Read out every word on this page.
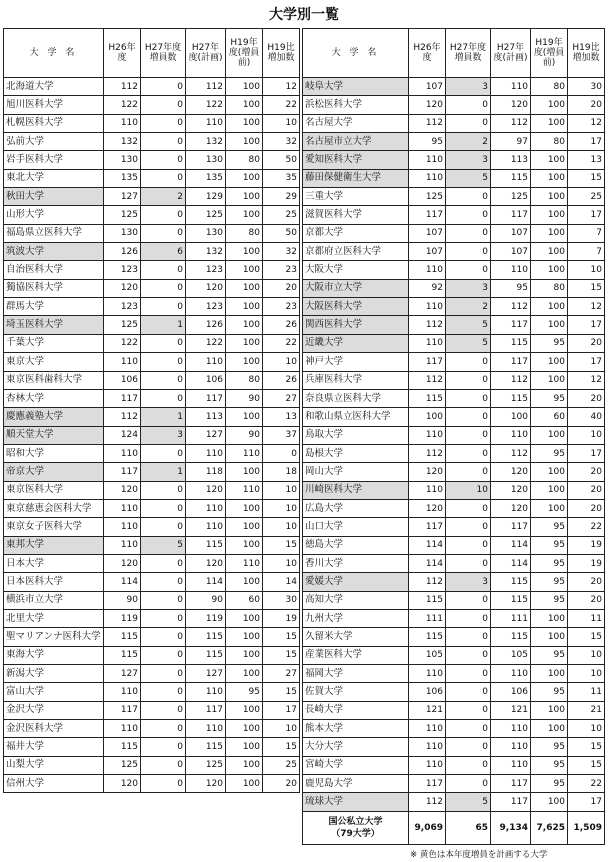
大学別一覧
大 学 名	H26年度	H27年度増員数	H27年度(計画)	H19年度(増員前)	H19比増加数
北海道大学	112	0	112	100	12
旭川医科大学	122	0	122	100	22
札幌医科大学	110	0	110	100	10
弘前大学	132	0	132	100	32
岩手医科大学	130	0	130	80	50
東北大学	135	0	135	100	35
秋田大学	127	2	129	100	29
山形大学	125	0	125	100	25
福島県立医科大学	130	0	130	80	50
筑波大学	126	6	132	100	32
自治医科大学	123	0	123	100	23
獨協医科大学	120	0	120	100	20
群馬大学	123	0	123	100	23
埼玉医科大学	125	1	126	100	26
千葉大学	122	0	122	100	22
東京大学	110	0	110	100	10
東京医科歯科大学	106	0	106	80	26
杏林大学	117	0	117	90	27
慶應義塾大学	112	1	113	100	13
順天堂大学	124	3	127	90	37
昭和大学	110	0	110	110	0
帝京大学	117	1	118	100	18
東京医科大学	120	0	120	110	10
東京慈恵会医科大学	110	0	110	100	10
東京女子医科大学	110	0	110	100	10
東邦大学	110	5	115	100	15
日本大学	120	0	120	110	10
日本医科大学	114	0	114	100	14
横浜市立大学	90	0	90	60	30
北里大学	119	0	119	100	19
聖マリアンナ医科大学	115	0	115	100	15
東海大学	115	0	115	100	15
新潟大学	127	0	127	100	27
富山大学	110	0	110	95	15
金沢大学	117	0	117	100	17
金沢医科大学	110	0	110	100	10
福井大学	115	0	115	100	15
山梨大学	125	0	125	100	25
信州大学	120	0	120	100	20
大 学 名	H26年度	H27年度増員数	H27年度(計画)	H19年度(増員前)	H19比増加数
岐阜大学	107	3	110	80	30
浜松医科大学	120	0	120	100	20
名古屋大学	112	0	112	100	12
名古屋市立大学	95	2	97	80	17
愛知医科大学	110	3	113	100	13
藤田保健衛生大学	110	5	115	100	15
三重大学	125	0	125	100	25
滋賀医科大学	117	0	117	100	17
京都大学	107	0	107	100	7
京都府立医科大学	107	0	107	100	7
大阪大学	110	0	110	100	10
大阪市立大学	92	3	95	80	15
大阪医科大学	110	2	112	100	12
関西医科大学	112	5	117	100	17
近畿大学	110	5	115	95	20
神戸大学	117	0	117	100	17
兵庫医科大学	112	0	112	100	12
奈良県立医科大学	115	0	115	95	20
和歌山県立医科大学	100	0	100	60	40
鳥取大学	110	0	110	100	10
島根大学	112	0	112	95	17
岡山大学	120	0	120	100	20
川崎医科大学	110	10	120	100	20
広島大学	120	0	120	100	20
山口大学	117	0	117	95	22
徳島大学	114	0	114	95	19
香川大学	114	0	114	95	19
愛媛大学	112	3	115	95	20
高知大学	115	0	115	95	20
九州大学	111	0	111	100	11
久留米大学	115	0	115	100	15
産業医科大学	105	0	105	95	10
福岡大学	110	0	110	100	10
佐賀大学	106	0	106	95	11
長崎大学	121	0	121	100	21
熊本大学	110	0	110	100	10
大分大学	110	0	110	95	15
宮崎大学	110	0	110	95	15
鹿児島大学	117	0	117	95	22
琉球大学	112	5	117	100	17
国公私立大学
（79大学）	9,069	65	9,134	7,625	1,509
※ 黄色は本年度増員を計画する大学
